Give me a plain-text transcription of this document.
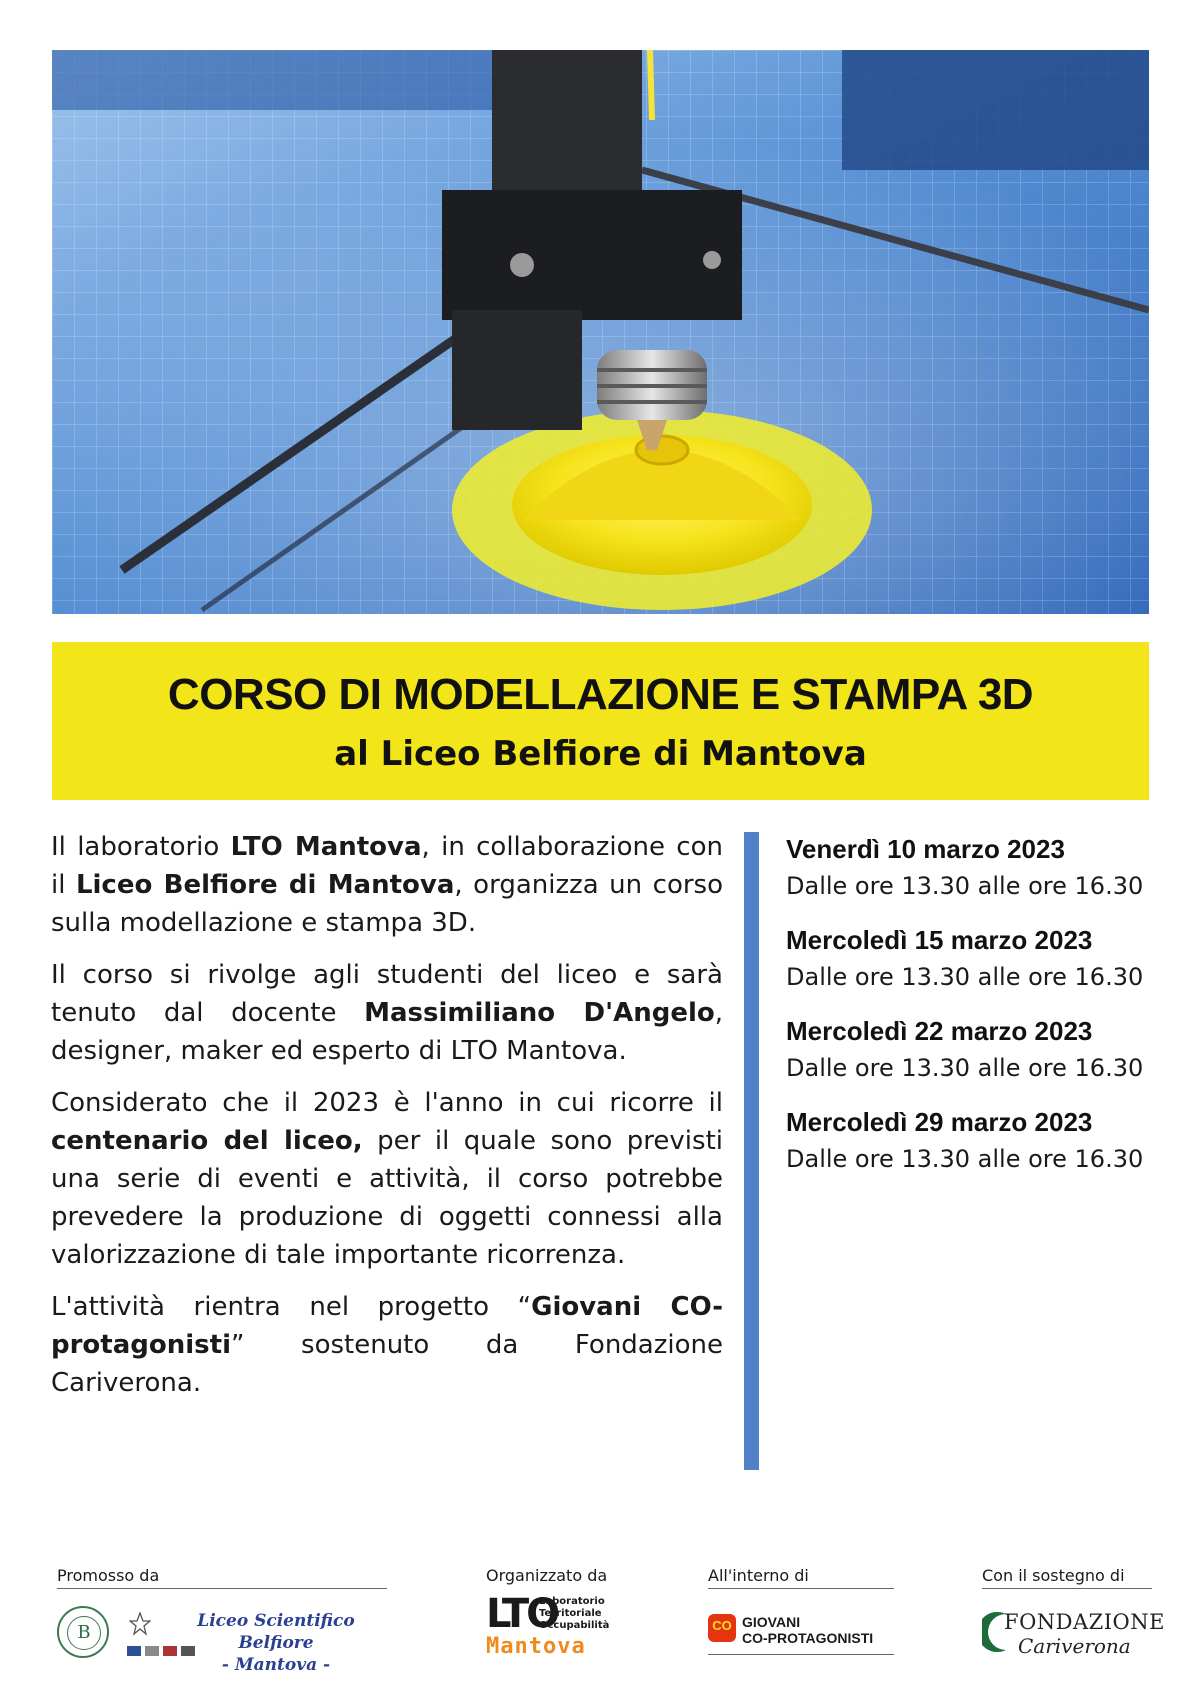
CORSO DI MODELLAZIONE E STAMPA 3D
al Liceo Belfiore di Mantova

Il laboratorio LTO Mantova, in collaborazione con il Liceo Belfiore di Mantova, organizza un corso sulla modellazione e stampa 3D.

Il corso si rivolge agli studenti del liceo e sarà tenuto dal docente Massimiliano D'Angelo, designer, maker ed esperto di LTO Mantova.

Considerato che il 2023 è l'anno in cui ricorre il centenario del liceo, per il quale sono previsti una serie di eventi e attività, il corso potrebbe prevedere la produzione di oggetti connessi alla valorizzazione di tale importante ricorrenza.

L'attività rientra nel progetto “Giovani CO-protagonisti” sostenuto da Fondazione Cariverona.

Venerdì 10 marzo 2023
Dalle ore 13.30 alle ore 16.30
Mercoledì 15 marzo 2023
Dalle ore 13.30 alle ore 16.30
Mercoledì 22 marzo 2023
Dalle ore 13.30 alle ore 16.30
Mercoledì 29 marzo 2023
Dalle ore 13.30 alle ore 16.30
Promosso da
B
Liceo Scientifico Belfiore
- Mantova -
Organizzato da
LTO
Laboratorio
Territoriale
Occupabilità
Mantova
All'interno di
CO GIOVANI
CO-PROTAGONISTI
Con il sostegno di
FONDAZIONE
Cariverona
